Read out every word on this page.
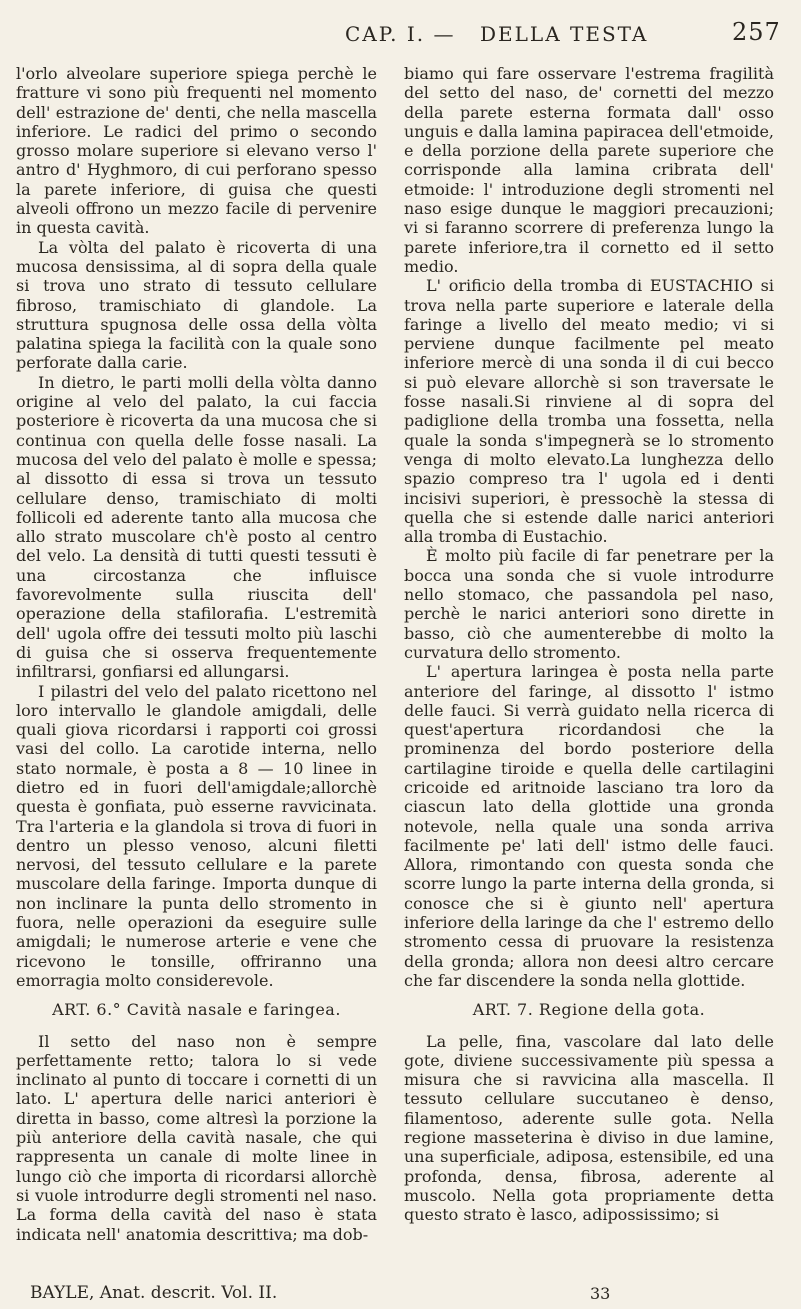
CAP. I. — DELLA TESTA	257

l'orlo alveolare superiore spiega perchè le fratture vi sono più frequenti nel momento dell' estrazione de' denti, che nella mascella inferiore. Le radici del primo o secondo grosso molare superiore si elevano verso l' antro d' Hyghmoro, di cui perforano spesso la parete inferiore, di guisa che questi alveoli offrono un mezzo facile di pervenire in questa cavità.

La vòlta del palato è ricoverta di una mucosa densissima, al di sopra della quale si trova uno strato di tessuto cellulare fibroso, tramischiato di glandole. La struttura spugnosa delle ossa della vòlta palatina spiega la facilità con la quale sono perforate dalla carie.

In dietro, le parti molli della vòlta danno origine al velo del palato, la cui faccia posteriore è ricoverta da una mucosa che si continua con quella delle fosse nasali. La mucosa del velo del palato è molle e spessa; al dissotto di essa si trova un tessuto cellulare denso, tramischiato di molti follicoli ed aderente tanto alla mucosa che allo strato muscolare ch'è posto al centro del velo. La densità di tutti questi tessuti è una circostanza che influisce favorevolmente sulla riuscita dell' operazione della stafilorafia. L'estremità dell' ugola offre dei tessuti molto più laschi di guisa che si osserva frequentemente infiltrarsi, gonfiarsi ed allungarsi.

I pilastri del velo del palato ricettono nel loro intervallo le glandole amigdali, delle quali giova ricordarsi i rapporti coi grossi vasi del collo. La carotide interna, nello stato normale, è posta a 8 — 10 linee in dietro ed in fuori dell'amigdale;allorchè questa è gonfiata, può esserne ravvicinata. Tra l'arteria e la glandola si trova di fuori in dentro un plesso venoso, alcuni filetti nervosi, del tessuto cellulare e la parete muscolare della faringe. Importa dunque di non inclinare la punta dello stromento in fuora, nelle operazioni da eseguire sulle amigdali; le numerose arterie e vene che ricevono le tonsille, offriranno una emorragia molto considerevole.

ART. 6.° Cavità nasale e faringea.

Il setto del naso non è sempre perfettamente retto; talora lo si vede inclinato al punto di toccare i cornetti di un lato. L' apertura delle narici anteriori è diretta in basso, come altresì la porzione la più anteriore della cavità nasale, che qui rappresenta un canale di molte linee in lungo ciò che importa di ricordarsi allorchè si vuole introdurre degli stromenti nel naso. La forma della cavità del naso è stata indicata nell' anatomia descrittiva; ma dob-

biamo qui fare osservare l'estrema fragilità del setto del naso, de' cornetti del mezzo della parete esterna formata dall' osso unguis e dalla lamina papiracea dell'etmoide, e della porzione della parete superiore che corrisponde alla lamina cribrata dell' etmoide: l' introduzione degli stromenti nel naso esige dunque le maggiori precauzioni; vi si faranno scorrere di preferenza lungo la parete inferiore,tra il cornetto ed il setto medio.

L' orificio della tromba di EUSTACHIO si trova nella parte superiore e laterale della faringe a livello del meato medio; vi si perviene dunque facilmente pel meato inferiore mercè di una sonda il di cui becco si può elevare allorchè si son traversate le fosse nasali.Si rinviene al di sopra del padiglione della tromba una fossetta, nella quale la sonda s'impegnerà se lo stromento venga di molto elevato.La lunghezza dello spazio compreso tra l' ugola ed i denti incisivi superiori, è pressochè la stessa di quella che si estende dalle narici anteriori alla tromba di Eustachio.

È molto più facile di far penetrare per la bocca una sonda che si vuole introdurre nello stomaco, che passandola pel naso, perchè le narici anteriori sono dirette in basso, ciò che aumenterebbe di molto la curvatura dello stromento.

L' apertura laringea è posta nella parte anteriore del faringe, al dissotto l' istmo delle fauci. Si verrà guidato nella ricerca di quest'apertura ricordandosi che la prominenza del bordo posteriore della cartilagine tiroide e quella delle cartilagini cricoide ed aritnoide lasciano tra loro da ciascun lato della glottide una gronda notevole, nella quale una sonda arriva facilmente pe' lati dell' istmo delle fauci. Allora, rimontando con questa sonda che scorre lungo la parte interna della gronda, si conosce che si è giunto nell' apertura inferiore della laringe da che l' estremo dello stromento cessa di pruovare la resistenza della gronda; allora non deesi altro cercare che far discendere la sonda nella glottide.

ART. 7. Regione della gota.

La pelle, fina, vascolare dal lato delle gote, diviene successivamente più spessa a misura che si ravvicina alla mascella. Il tessuto cellulare succutaneo è denso, filamentoso, aderente sulle gota. Nella regione masseterina è diviso in due lamine, una superficiale, adiposa, estensibile, ed una profonda, densa, fibrosa, aderente al muscolo. Nella gota propriamente detta questo strato è lasco, adipossissimo; si

BAYLE, Anat. descrit. Vol. II.	33
